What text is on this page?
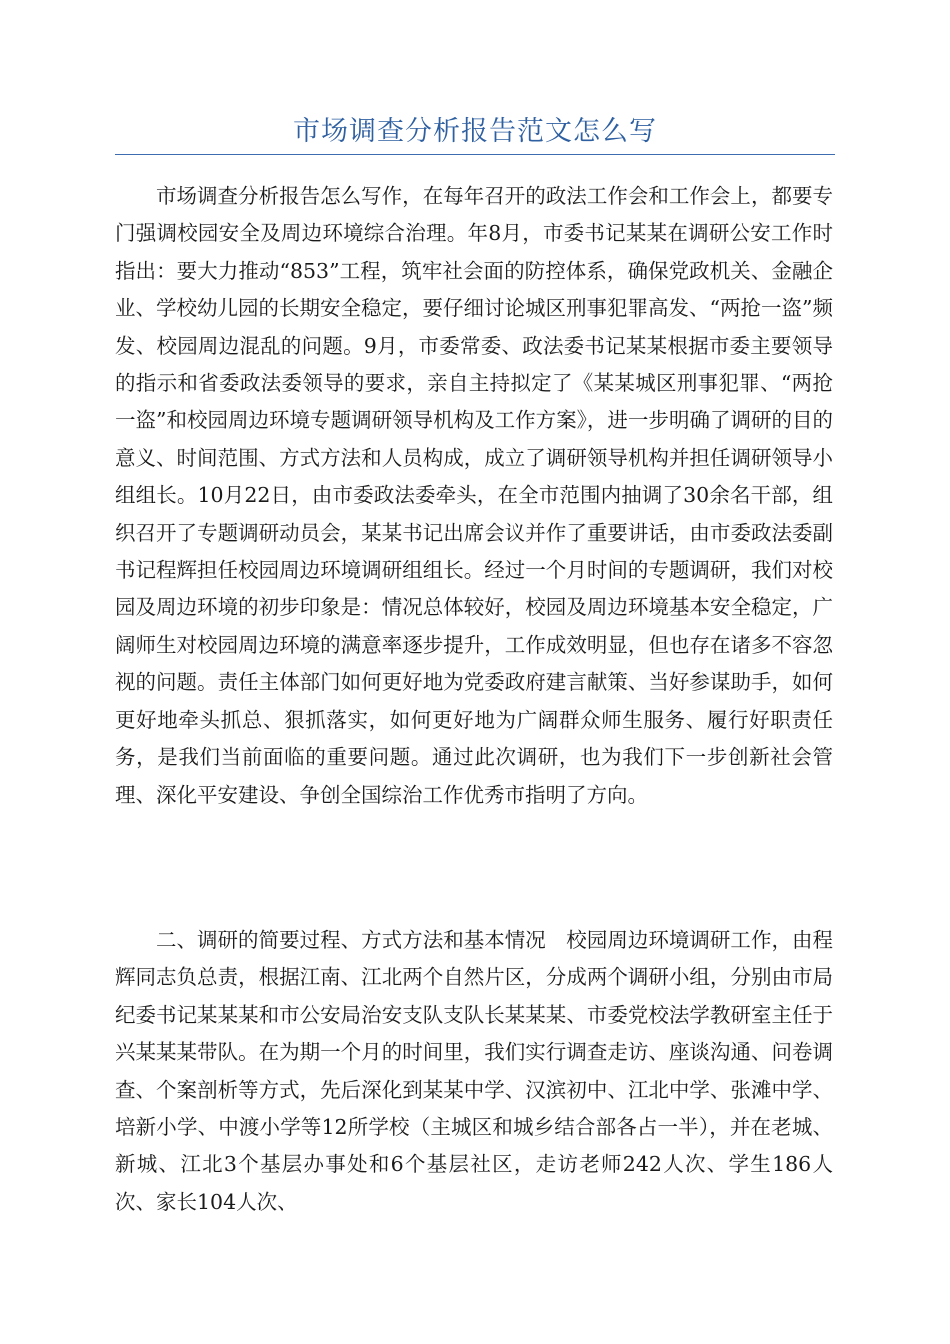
市场调查分析报告范文怎么写

市场调查分析报告怎么写作，在每年召开的政法工作会和工作会上，都要专门强调校园安全及周边环境综合治理。年8月，市委书记某某在调研公安工作时指出：要大力推动“853”工程，筑牢社会面的防控体系，确保党政机关、金融企业、学校幼儿园的长期安全稳定，要仔细讨论城区刑事犯罪高发、“两抢一盗”频发、校园周边混乱的问题。9月，市委常委、政法委书记某某根据市委主要领导的指示和省委政法委领导的要求，亲自主持拟定了《某某城区刑事犯罪、“两抢一盗”和校园周边环境专题调研领导机构及工作方案》，进一步明确了调研的目的意义、时间范围、方式方法和人员构成，成立了调研领导机构并担任调研领导小组组长。10月22日，由市委政法委牵头，在全市范围内抽调了30余名干部，组织召开了专题调研动员会，某某书记出席会议并作了重要讲话，由市委政法委副书记程辉担任校园周边环境调研组组长。经过一个月时间的专题调研，我们对校园及周边环境的初步印象是：情况总体较好，校园及周边环境基本安全稳定，广阔师生对校园周边环境的满意率逐步提升，工作成效明显，但也存在诸多不容忽视的问题。责任主体部门如何更好地为党委政府建言献策、当好参谋助手，如何更好地牵头抓总、狠抓落实，如何更好地为广阔群众师生服务、履行好职责任务，是我们当前面临的重要问题。通过此次调研，也为我们下一步创新社会管理、深化平安建设、争创全国综治工作优秀市指明了方向。

二、调研的简要过程、方式方法和基本情况　校园周边环境调研工作，由程辉同志负总责，根据江南、江北两个自然片区，分成两个调研小组，分别由市局纪委书记某某某和市公安局治安支队支队长某某某、市委党校法学教研室主任于兴某某某带队。在为期一个月的时间里，我们实行调查走访、座谈沟通、问卷调查、个案剖析等方式，先后深化到某某中学、汉滨初中、江北中学、张滩中学、培新小学、中渡小学等12所学校（主城区和城乡结合部各占一半），并在老城、新城、江北3个基层办事处和6个基层社区，走访老师242人次、学生186人次、家长104人次、
